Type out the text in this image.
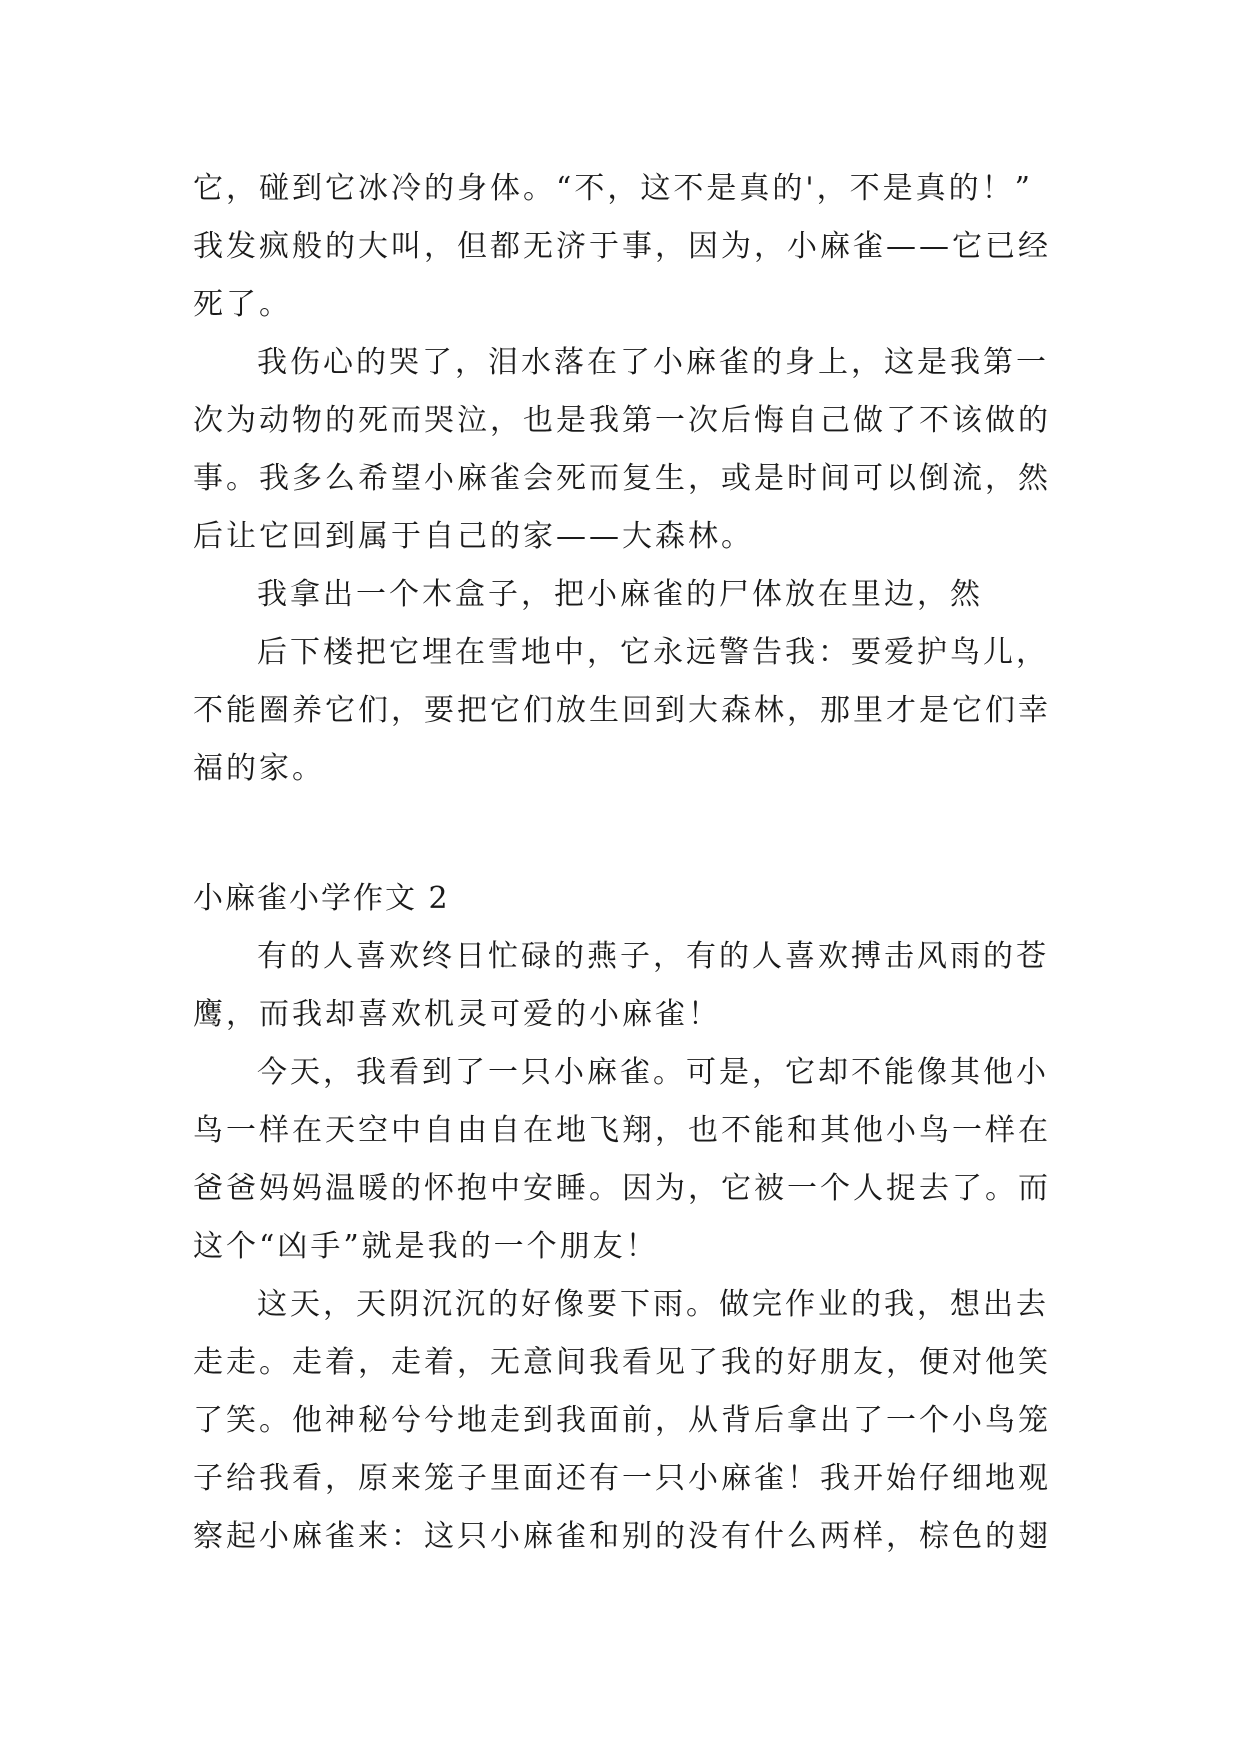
它，碰到它冰冷的身体。“不，这不是真的'，不是真的！”
我发疯般的大叫，但都无济于事，因为，小麻雀——它已经
死了。
我伤心的哭了，泪水落在了小麻雀的身上，这是我第一
次为动物的死而哭泣，也是我第一次后悔自己做了不该做的
事。我多么希望小麻雀会死而复生，或是时间可以倒流，然
后让它回到属于自己的家——大森林。
我拿出一个木盒子，把小麻雀的尸体放在里边，然
后下楼把它埋在雪地中，它永远警告我：要爱护鸟儿，
不能圈养它们，要把它们放生回到大森林，那里才是它们幸
福的家。
小麻雀小学作文 2
有的人喜欢终日忙碌的燕子，有的人喜欢搏击风雨的苍
鹰，而我却喜欢机灵可爱的小麻雀！
今天，我看到了一只小麻雀。可是，它却不能像其他小
鸟一样在天空中自由自在地飞翔，也不能和其他小鸟一样在
爸爸妈妈温暖的怀抱中安睡。因为，它被一个人捉去了。而
这个“凶手”就是我的一个朋友！
这天，天阴沉沉的好像要下雨。做完作业的我，想出去
走走。走着，走着，无意间我看见了我的好朋友，便对他笑
了笑。他神秘兮兮地走到我面前，从背后拿出了一个小鸟笼
子给我看，原来笼子里面还有一只小麻雀！我开始仔细地观
察起小麻雀来：这只小麻雀和别的没有什么两样，棕色的翅
